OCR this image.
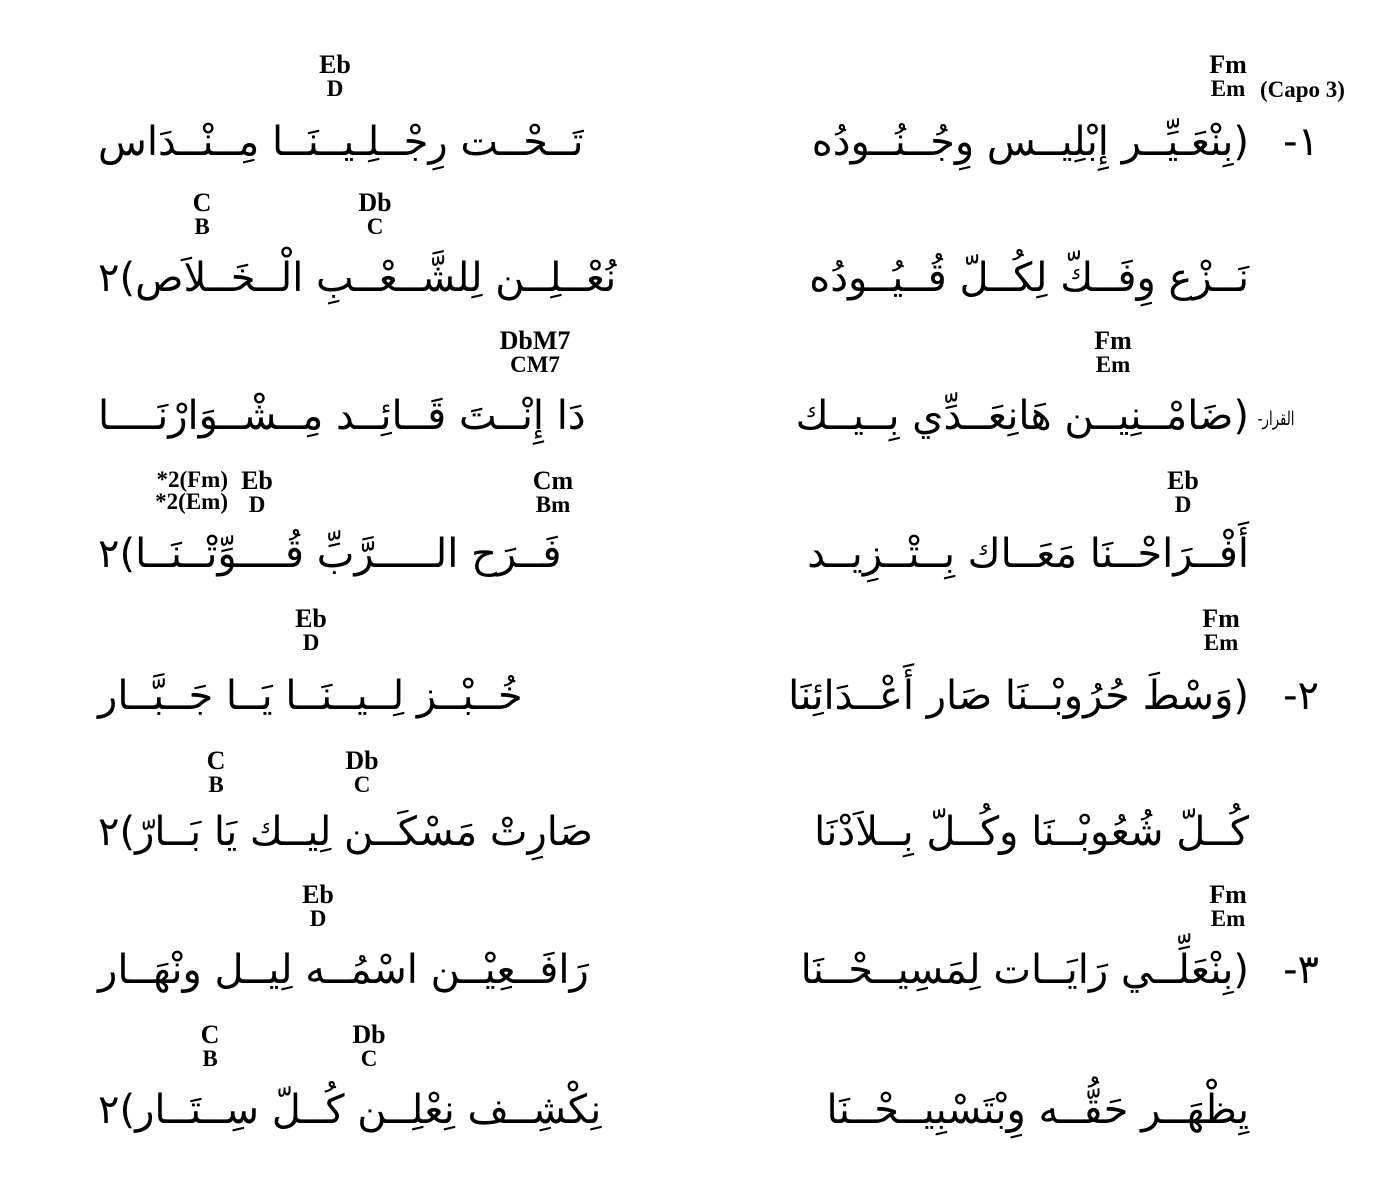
Eb
D
Fm
Em (Capo 3)
C
B
Db
C
DbM7
CM7
Fm
Em
*2(Fm)
*2(Em)
Eb
D
Cm
Bm
Eb
D
Eb
D
Fm
Em
C
B
Db
C
Eb
D
Fm
Em
C
B
Db
C
١-
(بِنْعَـيِّــر إِبْلِيــس وِجُــنُــودُه
تَــحْــت رِجْــلِـيــنَــا مِــنْــدَاس
نَــزْع وِفَــكّ لِكُــلّ قُــيُــودُه
نُعْــلِــن لِلشَّــعْــبِ الْــخَــلاَص)٢
القرار-
(ضَامْــنِيــن هَانِعَــدِّي بِــيــك
دَا إِنْــتَ قَــائِــد مِــشْــوَارْنَــــا
أَفْــرَاحْــنَا مَعَــاك بِــتْــزِيــد
فَــرَح الـــــرَّبِّ قُــــوِّتْــنَــا)٢
٢-
(وَسْطَ حُرُوبْــنَا صَار أَعْــدَائِنَا
خُــبْــز لِــيــنَــا يَــا جَــبَّــار
كُــلّ شُعُوبْــنَا وكُــلّ بِــلاَدْنَا
صَارِتْ مَسْكَــن لِيــك يَا بَــارّ)٢
٣-
(بِنْعَلِّــي رَايَــات لِمَسِيــحْــنَا
رَافَــعِيْــن اسْمُــه لِيــل ونْهَــار
يِظْهَــر حَقُّــه وِبْتَسْبِيــحْــنَا
نِكْشِــف نِعْلِــن كُــلّ سِــتَــار)٢
